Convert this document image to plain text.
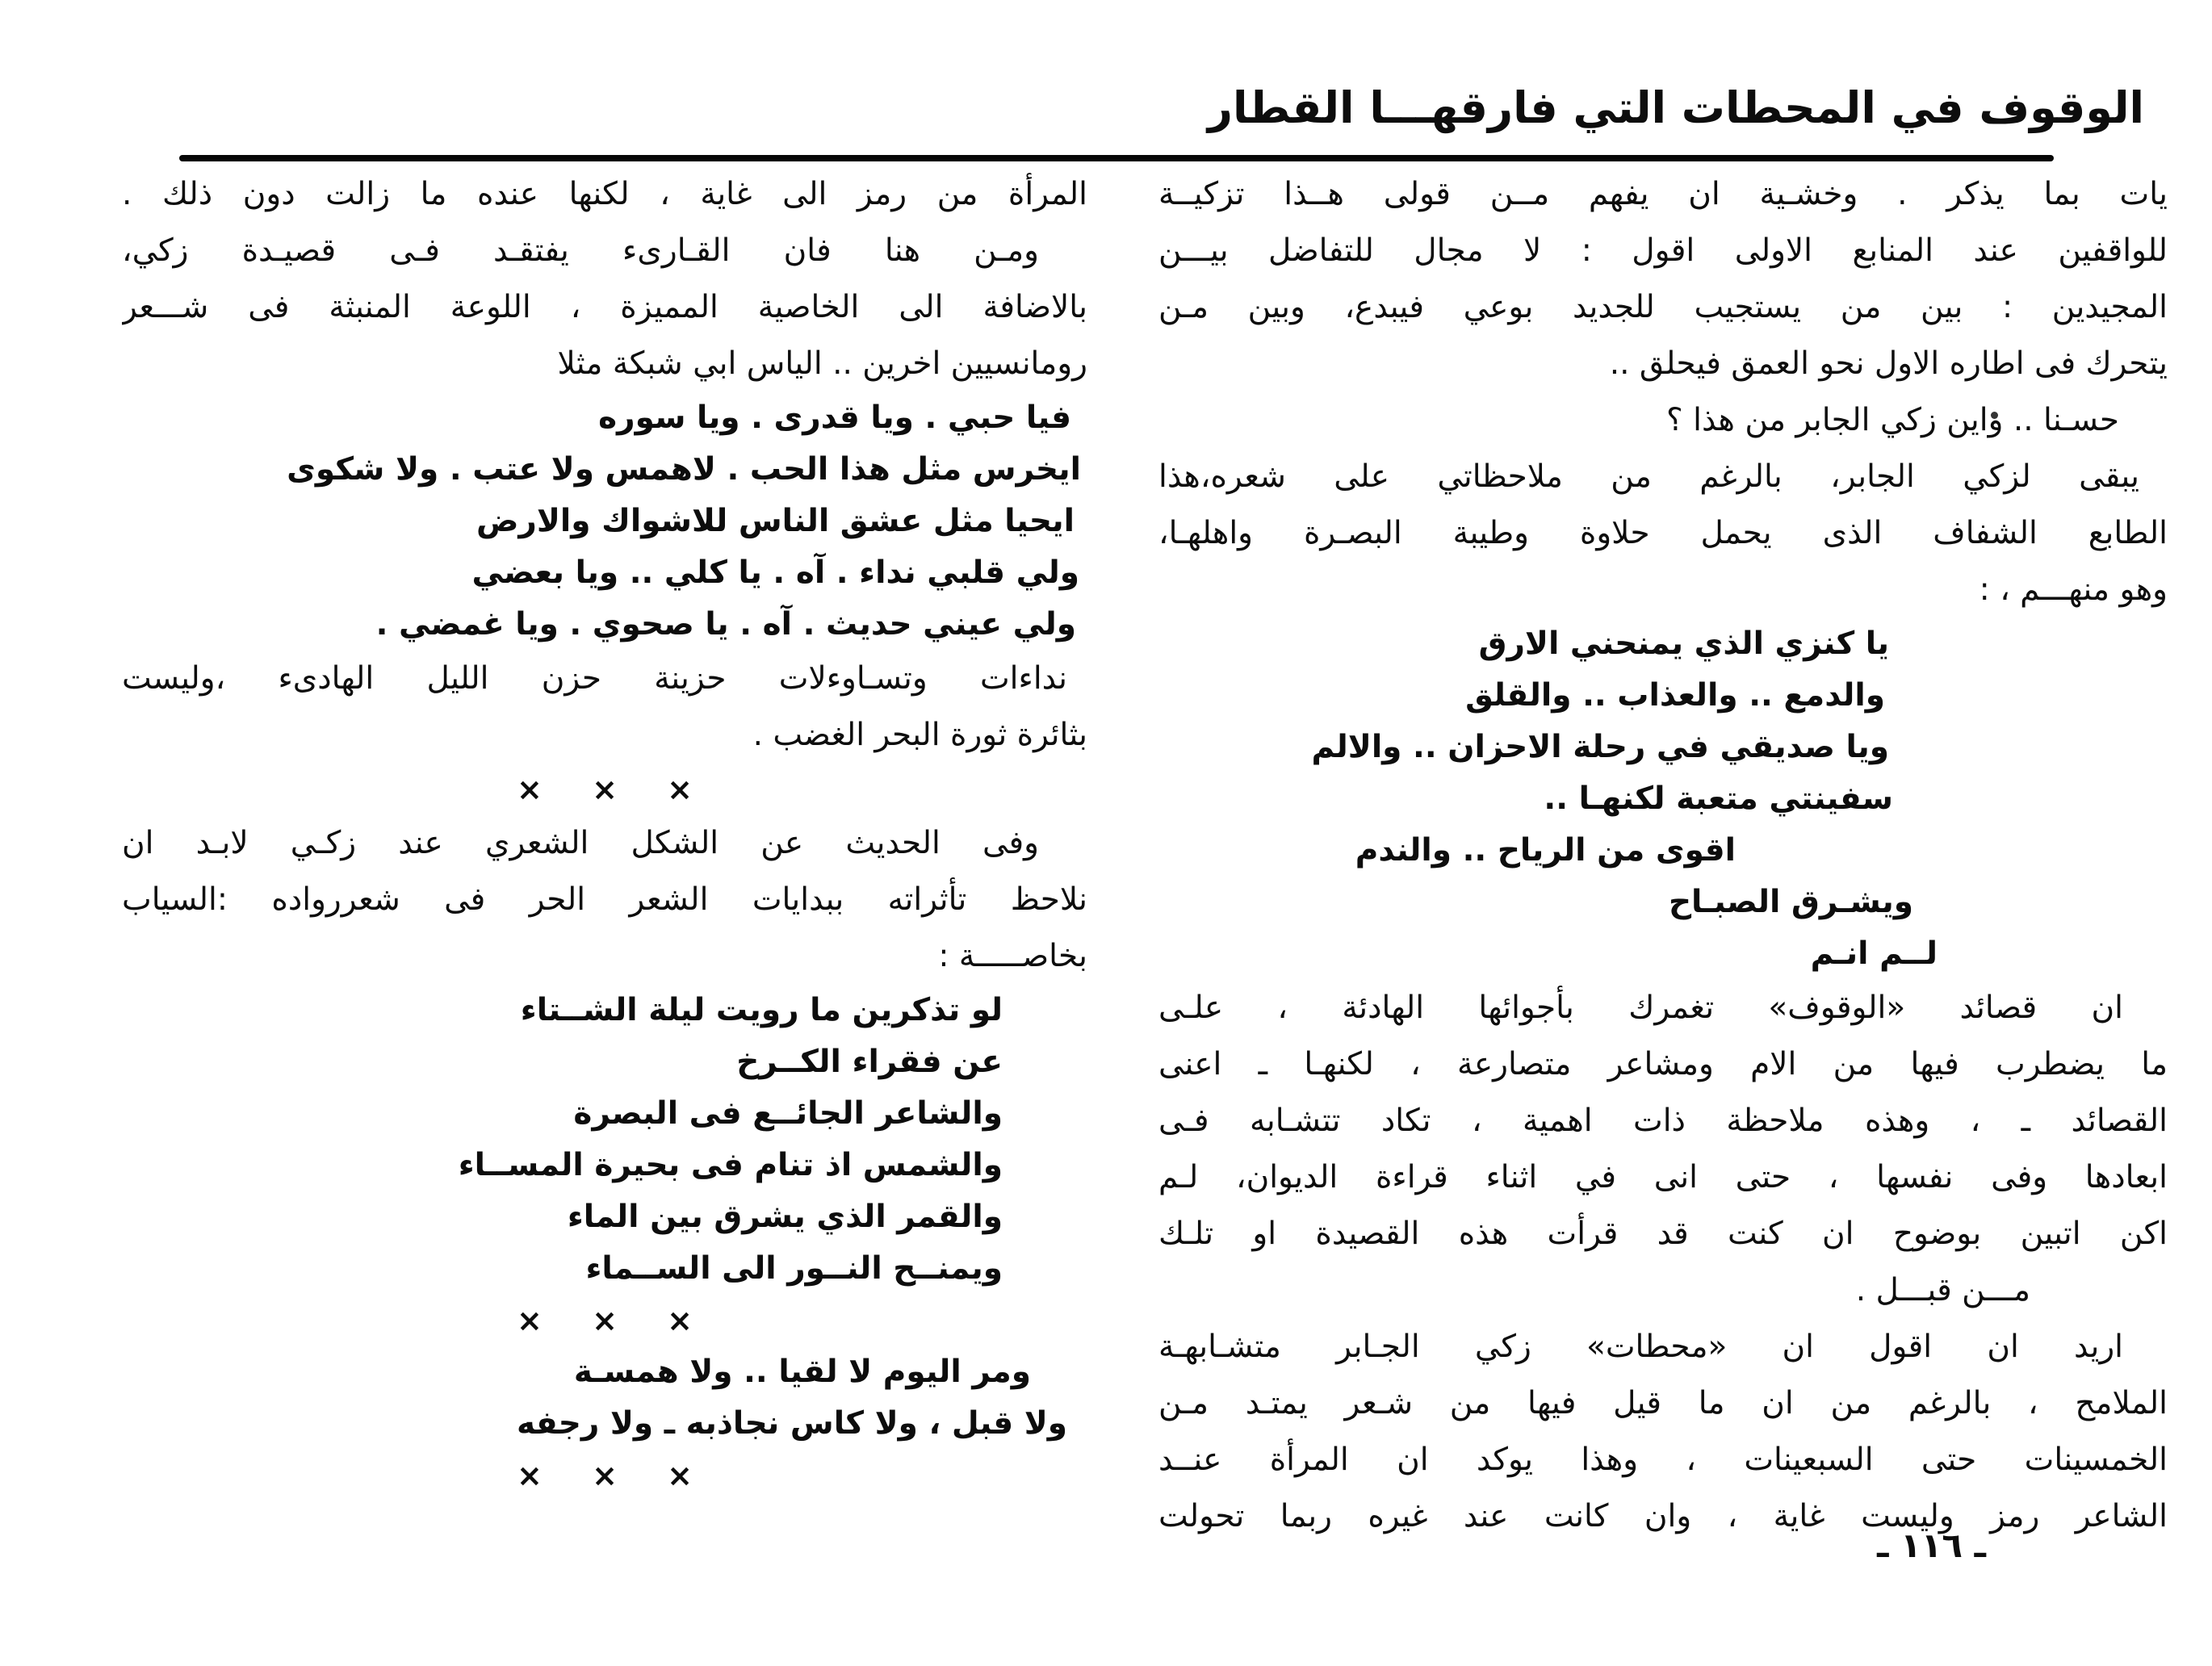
الوقوف في المحطات التي فارقهـــا القطار
يات بما يذكر . وخشـية ان يفهم مــن قولى هــذا تزكيــة
للواقفين عند المنابع الاولى اقول : لا مجال للتفاضل بيـــن
المجيدين : بين من يستجيب للجديد بوعي فيبدع، وبين مـن
يتحرك فى اطاره الاول نحو العمق فيحلق ..
حسـنا .. واين زكي الجابر من هذا ؟
يبقى لزكي الجابر، بالرغم من ملاحظاتي على شعره،هذا
الطابع الشفاف الذى يحمل حلاوة وطيبة البصـرة واهلهـا،
وهو منهـــم ، :
يا كنزي الذي يمنحني الارق
والدمع .. والعذاب .. والقلق
ويا صديقي في رحلة الاحزان .. والالم
سفينتي متعبة لكنهـا ..
اقوى من الرياح .. والندم
ويشـرق الصبـاح
لــم انـم
ان قصائد «الوقوف» تغمرك بأجوائها الهادئة ، علـى
ما يضطرب فيها من الام ومشاعر متصارعة ، لكنهـا ـ اعنى
القصائد ـ ، وهذه ملاحظة ذات اهمية ، تكاد تتشـابه فـى
ابعادها وفى نفسها ، حتى انى في اثناء قراءة الديوان، لـم
اكن اتبين بوضوح ان كنت قد قرأت هذه القصيدة او تلـك
مـــن قبـــل .
اريد ان اقول ان «محطات» زكي الجـابر متشـابهـة
الملامح ، بالرغم من ان ما قيل فيها من شـعر يمتـد مـن
الخمسينات حتى السبعينات ، وهذا يوكد ان المرأة عنــد
الشاعر رمز وليست غاية ، وان كانت عند غيره ربما تحولت
المرأة من رمز الى غاية ، لكنها عنده ما زالت دون ذلك .
ومـن هنا فان القـارىء يفتقـد فـى قصيـدة زكي،
بالاضافة الى الخاصية المميزة ، اللوعة المنبثة فى شـــعر
رومانسيين اخرين .. الياس ابي شبكة مثلا
فيا حبي . ويا قدرى . ويا سوره
ايخرس مثل هذا الحب . لاهمس ولا عتب . ولا شكوى
ايحيا مثل عشق الناس للاشواك والارض
ولي قلبي نداء . آه . يا كلي .. ويا بعضي
ولي عيني حديث . آه . يا صحوي . ويا غمضي .
نداءات وتسـاوءلات حزينة حزن الليل الهادىء ،وليست
بثائرة ثورة البحر الغضب .
× × ×
وفى الحديث عن الشكل الشعري عند زكـي لابـد ان
نلاحظ تأثراته ببدايات الشعر الحر فى شعررواده :السياب
بخاصـــــة :
لو تذكرين ما رويت ليلة الشــتاء
عن فقراء الكــرخ
والشاعر الجائــع فى البصرة
والشمس اذ تنام فى بحيرة المســاء
والقمر الذي يشرق بين الماء
ويمنــح النــور الى الســماء
× × ×
ومر اليوم لا لقيا .. ولا همسـة
ولا قبل ، ولا كاس نجاذبه ـ ولا رجفه
× × ×
ـ ١١٦ ـ
